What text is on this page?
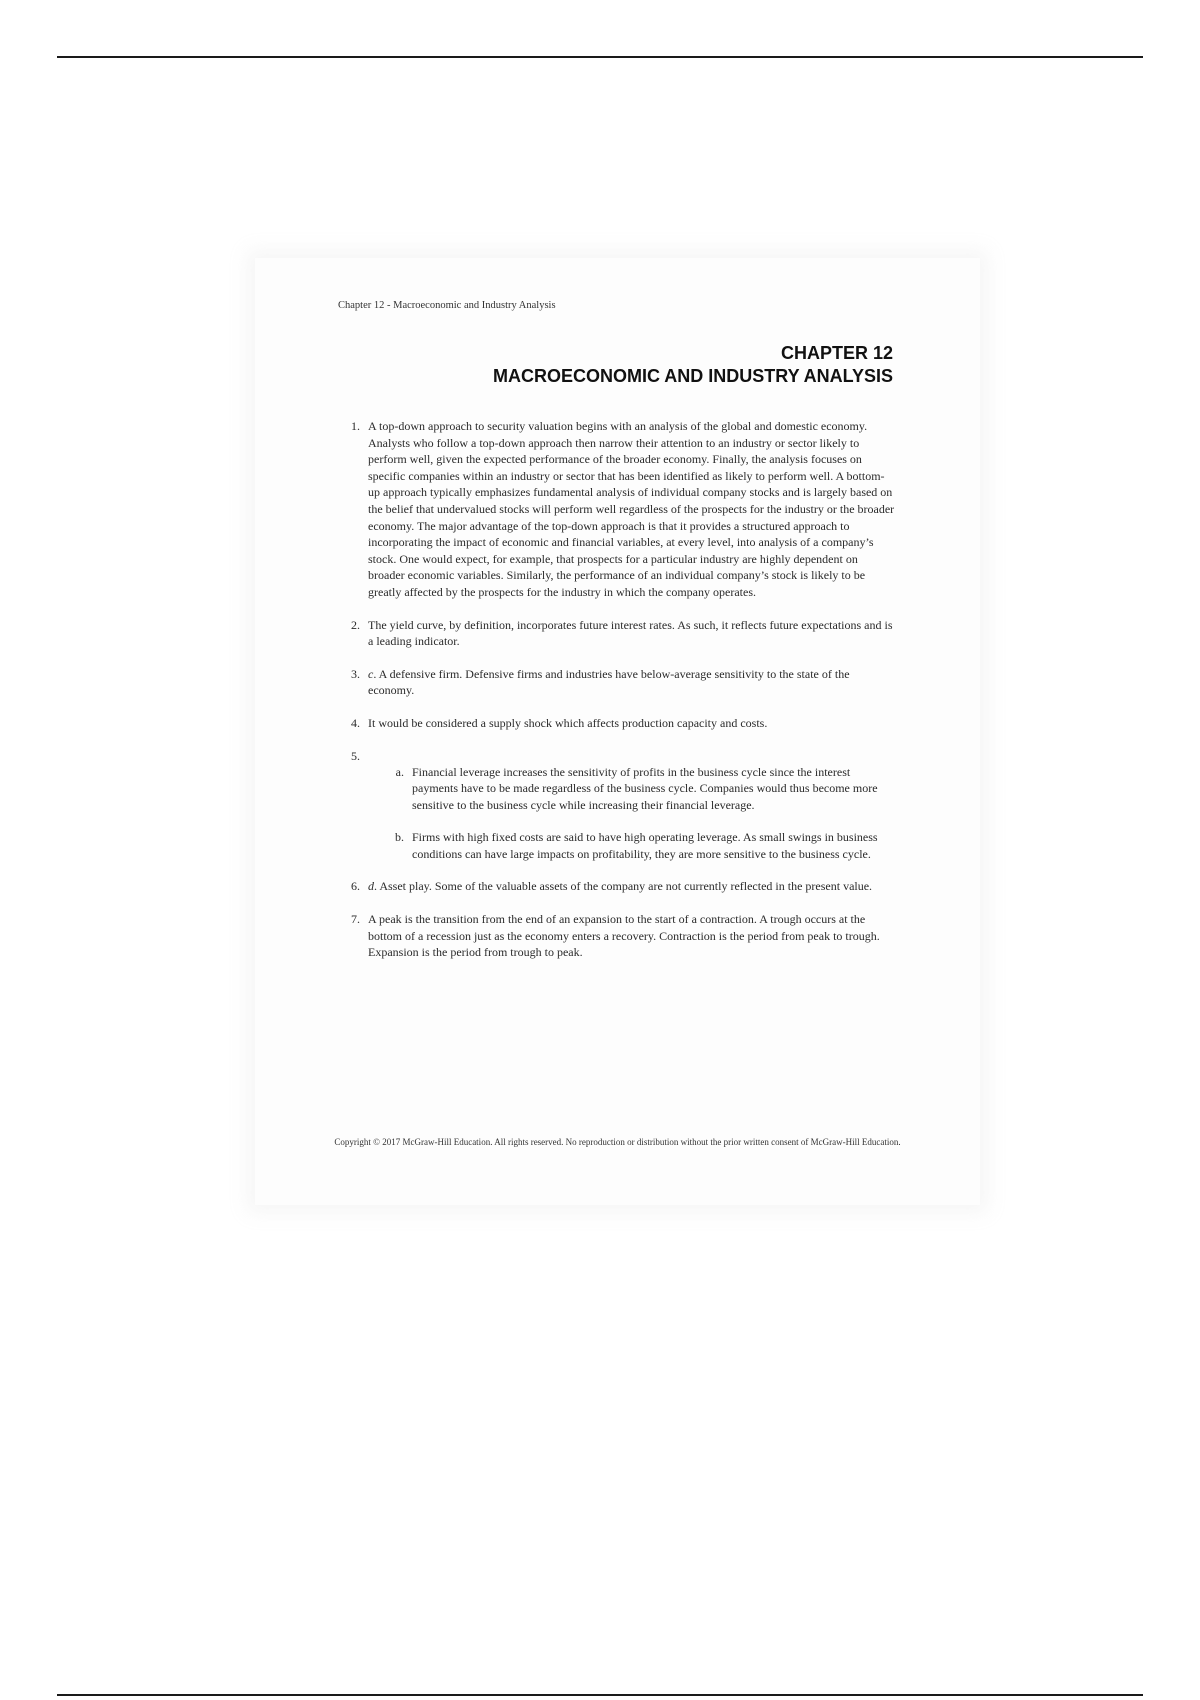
Chapter 12 - Macroeconomic and Industry Analysis
CHAPTER 12
MACROECONOMIC AND INDUSTRY ANALYSIS
1. A top-down approach to security valuation begins with an analysis of the global and domestic economy. Analysts who follow a top-down approach then narrow their attention to an industry or sector likely to perform well, given the expected performance of the broader economy. Finally, the analysis focuses on specific companies within an industry or sector that has been identified as likely to perform well. A bottom-up approach typically emphasizes fundamental analysis of individual company stocks and is largely based on the belief that undervalued stocks will perform well regardless of the prospects for the industry or the broader economy. The major advantage of the top-down approach is that it provides a structured approach to incorporating the impact of economic and financial variables, at every level, into analysis of a company’s stock. One would expect, for example, that prospects for a particular industry are highly dependent on broader economic variables. Similarly, the performance of an individual company’s stock is likely to be greatly affected by the prospects for the industry in which the company operates.
2. The yield curve, by definition, incorporates future interest rates. As such, it reflects future expectations and is a leading indicator.
3. c. A defensive firm. Defensive firms and industries have below-average sensitivity to the state of the economy.
4. It would be considered a supply shock which affects production capacity and costs.
5.
a. Financial leverage increases the sensitivity of profits in the business cycle since the interest payments have to be made regardless of the business cycle. Companies would thus become more sensitive to the business cycle while increasing their financial leverage.
b. Firms with high fixed costs are said to have high operating leverage. As small swings in business conditions can have large impacts on profitability, they are more sensitive to the business cycle.
6. d. Asset play. Some of the valuable assets of the company are not currently reflected in the present value.
7. A peak is the transition from the end of an expansion to the start of a contraction. A trough occurs at the bottom of a recession just as the economy enters a recovery. Contraction is the period from peak to trough. Expansion is the period from trough to peak.
Copyright © 2017 McGraw-Hill Education. All rights reserved. No reproduction or distribution without the prior written consent of McGraw-Hill Education.
